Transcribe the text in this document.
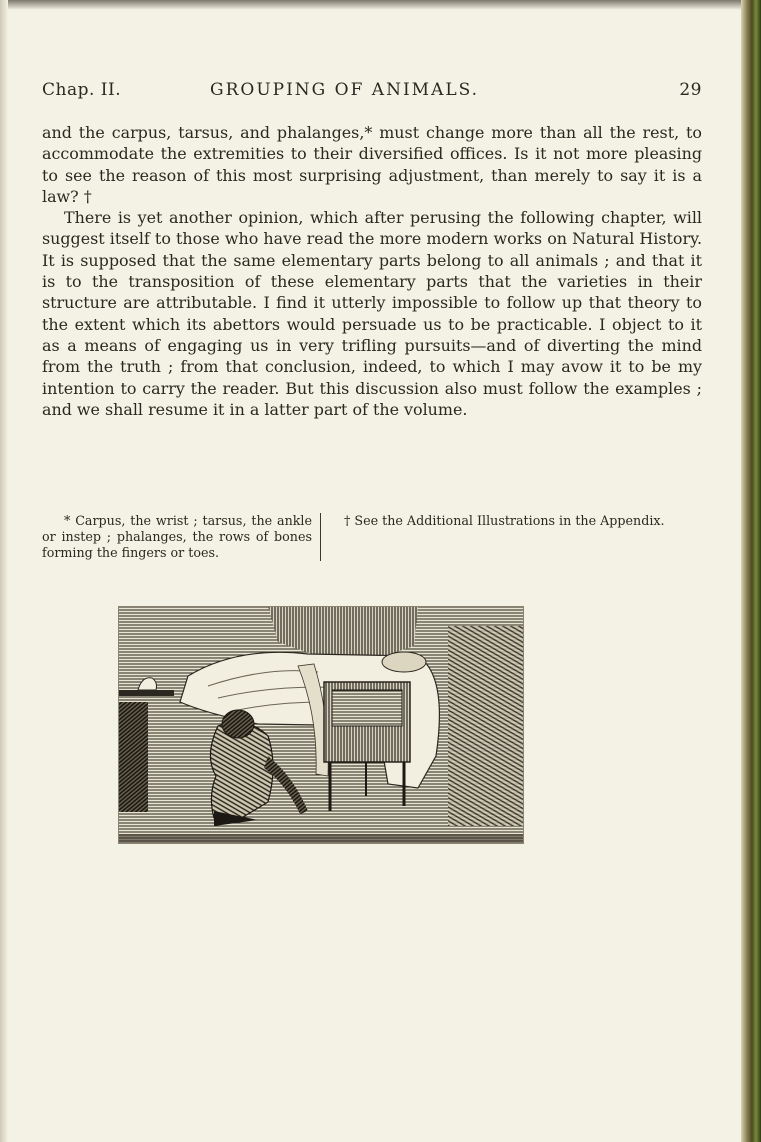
Chap. II.	GROUPING OF ANIMALS.	29

and the carpus, tarsus, and phalanges,* must change more than all the rest, to accommodate the extremities to their diversified offices. Is it not more pleasing to see the reason of this most surprising adjustment, than merely to say it is a law? †

There is yet another opinion, which after perusing the following chapter, will suggest itself to those who have read the more modern works on Natural History. It is supposed that the same elementary parts belong to all animals ; and that it is to the transposition of these elementary parts that the varieties in their structure are attributable. I find it utterly impossible to follow up that theory to the extent which its abettors would persuade us to be practicable. I object to it as a means of engaging us in very trifling pursuits—and of diverting the mind from the truth ; from that conclusion, indeed, to which I may avow it to be my intention to carry the reader. But this discussion also must follow the examples ; and we shall resume it in a latter part of the volume.

* Carpus, the wrist ; tarsus, the ankle or instep ; phalanges, the rows of bones forming the fingers or toes.
† See the Additional Illustrations in the Appendix.
